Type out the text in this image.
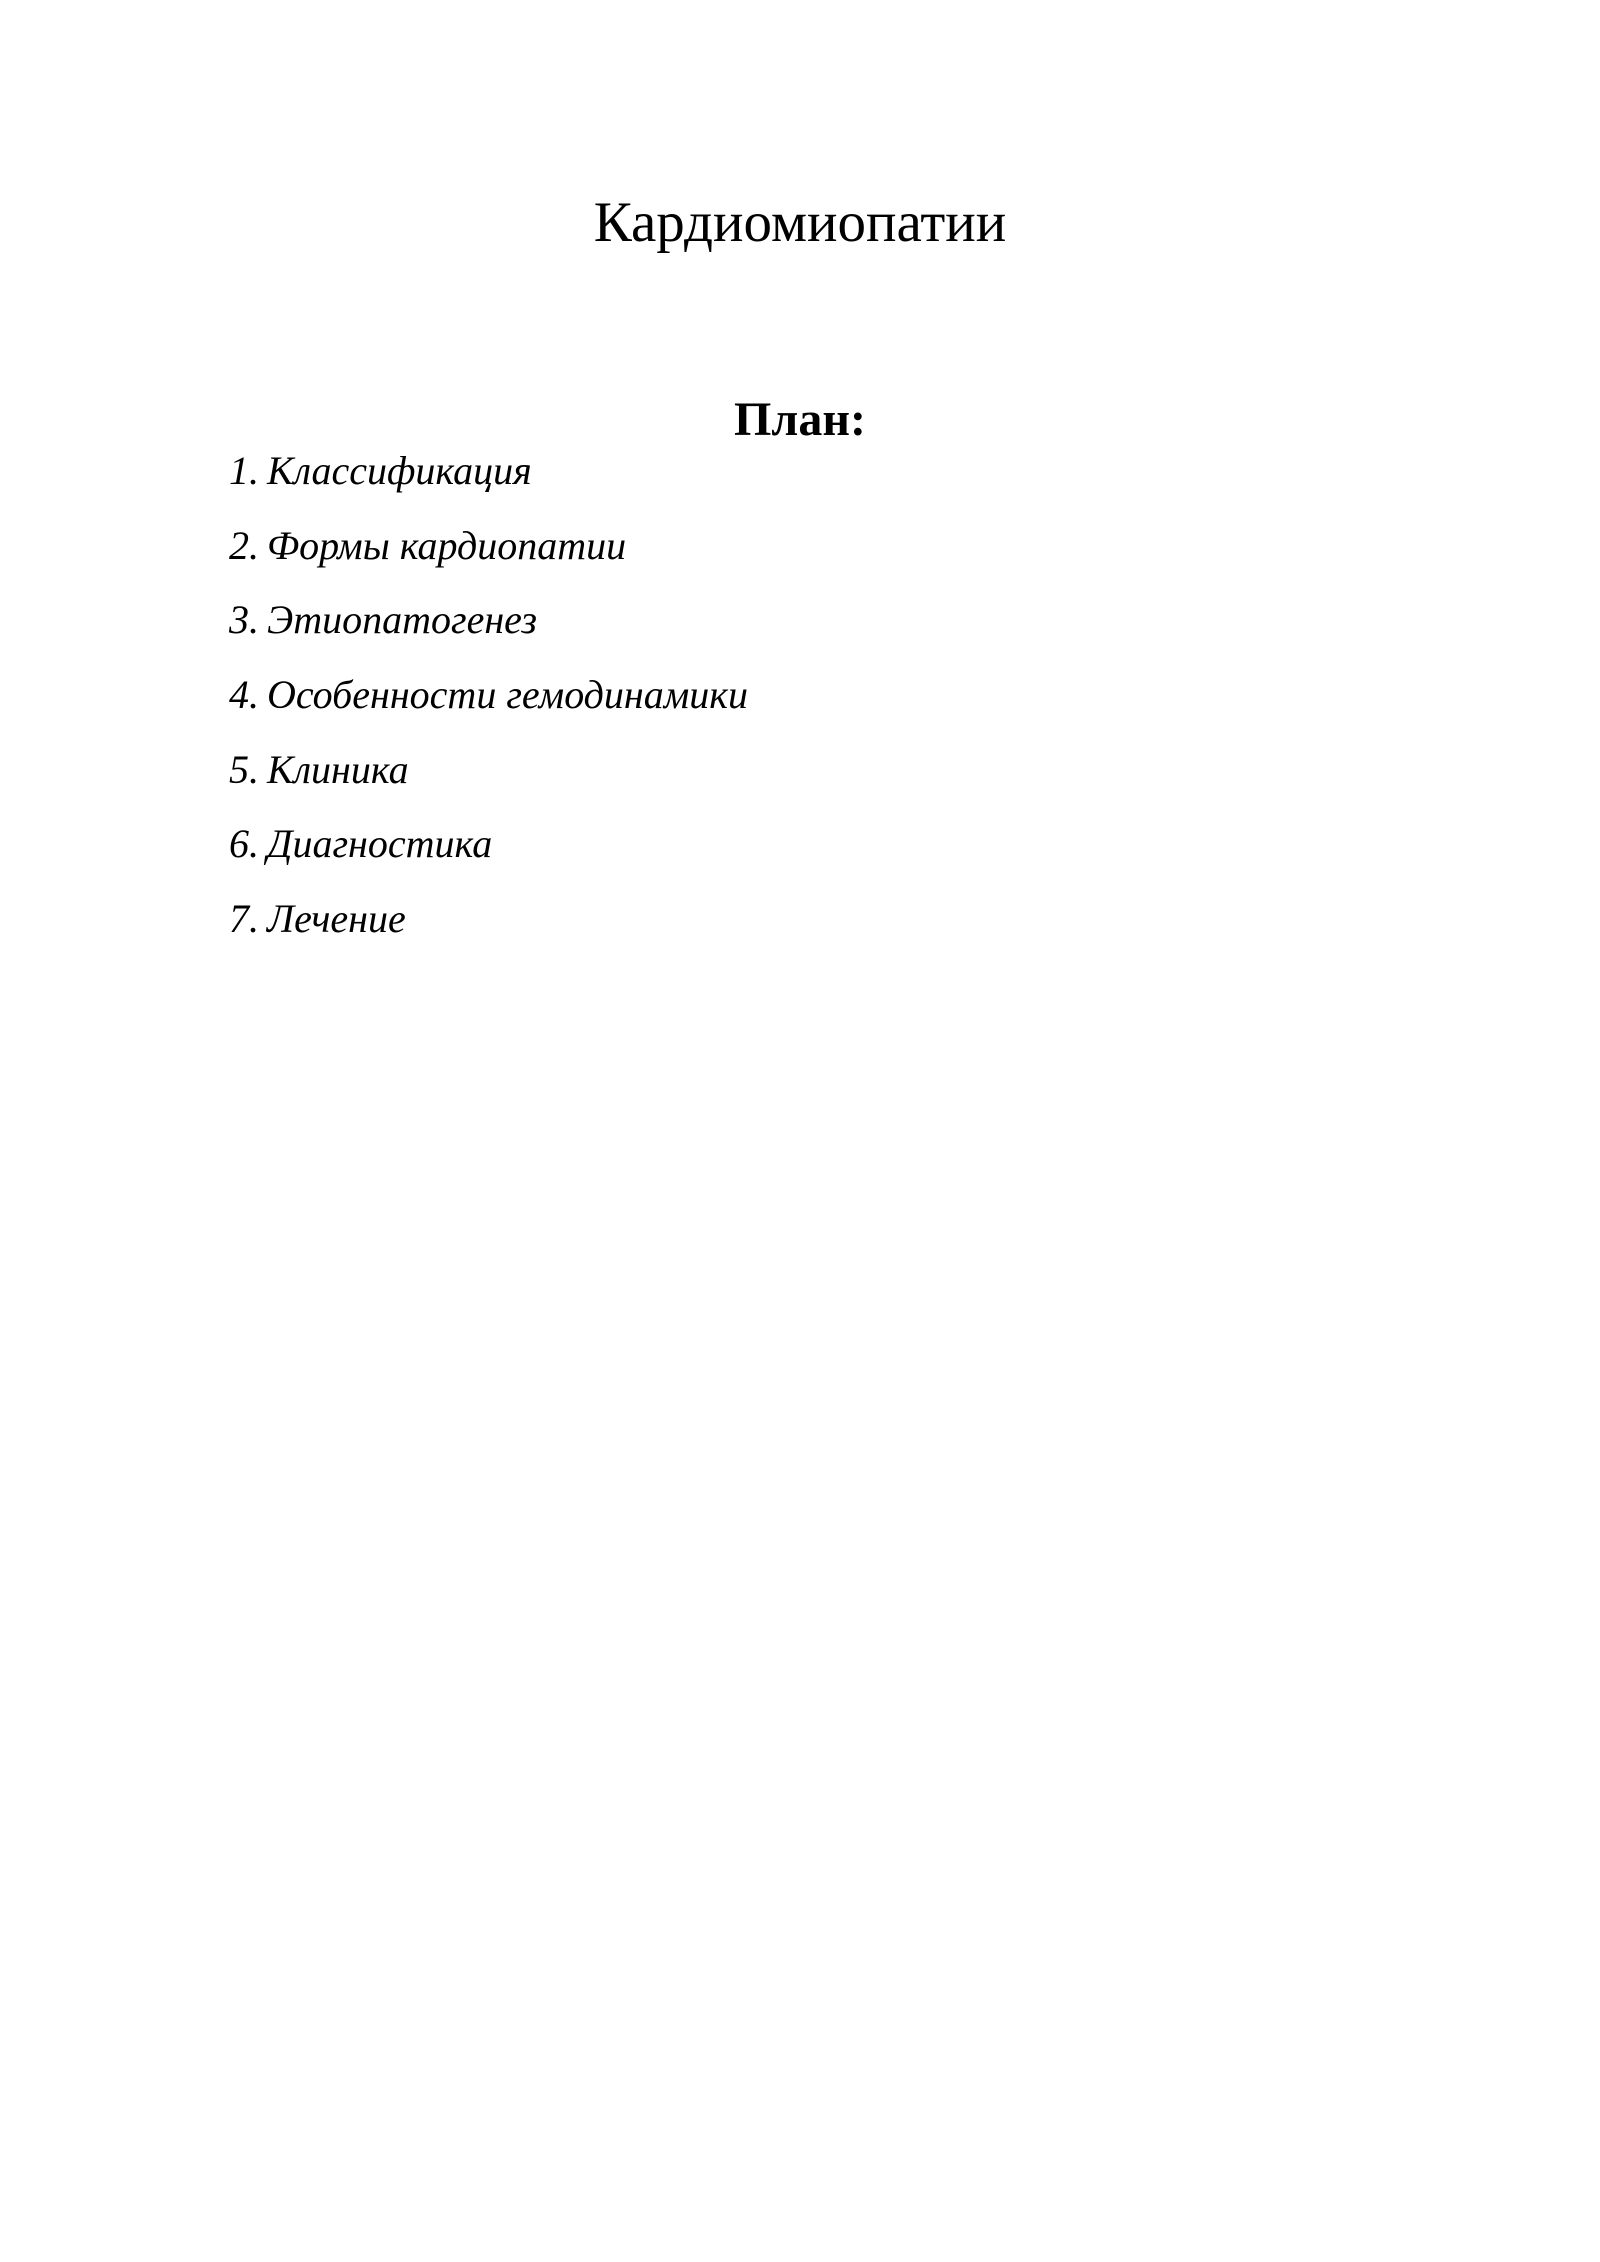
Кардиомиопатии
План:
1. Классификация
2. Формы кардиопатии
3. Этиопатогенез
4. Особенности гемодинамики
5. Клиника
6. Диагностика
7. Лечение
